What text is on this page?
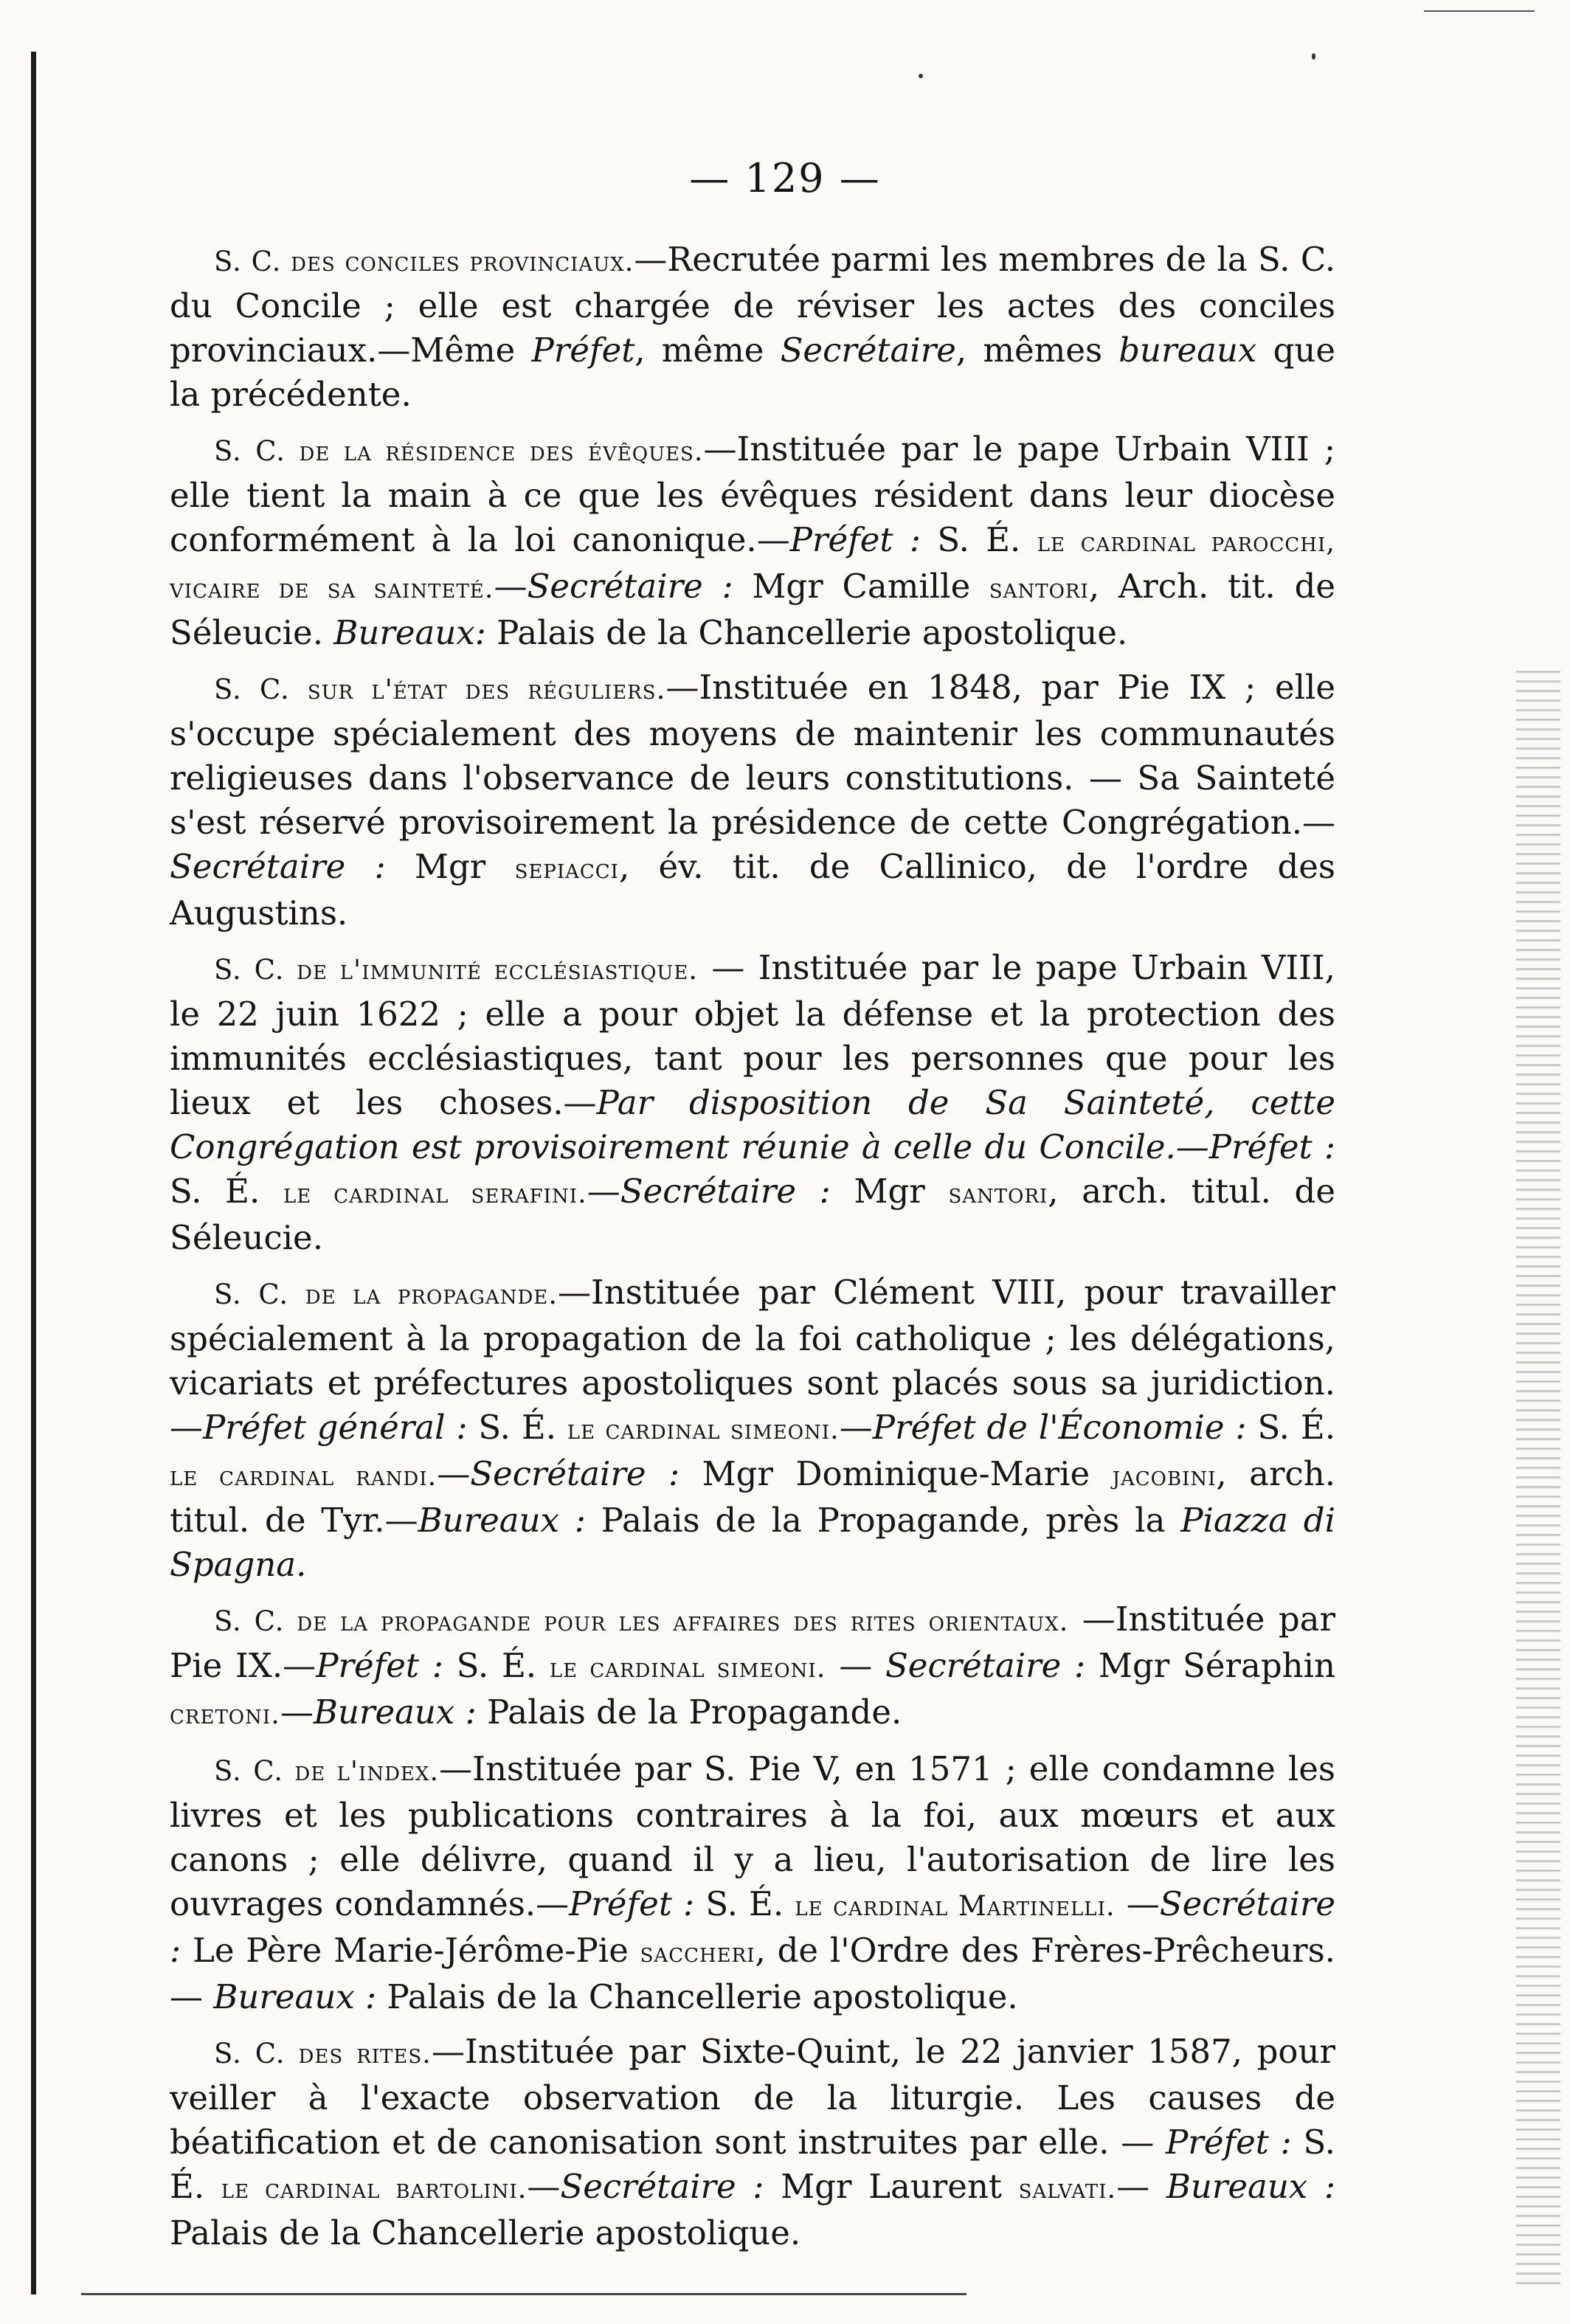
— 129 —

S. C. des conciles provinciaux.—Recrutée parmi les membres de la S. C. du Concile ; elle est chargée de réviser les actes des conciles provinciaux.—Même Préfet, même Secrétaire, mêmes bureaux que la précédente.

S. C. de la résidence des évêques.—Instituée par le pape Urbain VIII ; elle tient la main à ce que les évêques résident dans leur diocèse conformément à la loi canonique.—Préfet : S. É. le cardinal parocchi, vicaire de sa sainteté.—Secrétaire : Mgr Camille santori, Arch. tit. de Séleucie. Bureaux: Palais de la Chancellerie apostolique.

S. C. sur l'état des réguliers.—Instituée en 1848, par Pie IX ; elle s'occupe spécialement des moyens de maintenir les communautés religieuses dans l'observance de leurs constitutions. — Sa Sainteté s'est réservé provisoirement la présidence de cette Congrégation.—Secrétaire : Mgr sepiacci, év. tit. de Callinico, de l'ordre des Augustins.

S. C. de l'immunité ecclésiastique. — Instituée par le pape Urbain VIII, le 22 juin 1622 ; elle a pour objet la défense et la protection des immunités ecclésiastiques, tant pour les personnes que pour les lieux et les choses.—Par disposition de Sa Sainteté, cette Congrégation est provisoirement réunie à celle du Concile.—Préfet : S. É. le cardinal serafini.—Secrétaire : Mgr santori, arch. titul. de Séleucie.

S. C. de la propagande.—Instituée par Clément VIII, pour travailler spécialement à la propagation de la foi catholique ; les délégations, vicariats et préfectures apostoliques sont placés sous sa juridiction.—Préfet général : S. É. le cardinal simeoni.—Préfet de l'Économie : S. É. le cardinal randi.—Secrétaire : Mgr Dominique-Marie jacobini, arch. titul. de Tyr.—Bureaux : Palais de la Propagande, près la Piazza di Spagna.

S. C. de la propagande pour les affaires des rites orientaux. —Instituée par Pie IX.—Préfet : S. É. le cardinal simeoni. — Secrétaire : Mgr Séraphin cretoni.—Bureaux : Palais de la Propagande.

S. C. de l'index.—Instituée par S. Pie V, en 1571 ; elle condamne les livres et les publications contraires à la foi, aux mœurs et aux canons ; elle délivre, quand il y a lieu, l'autorisation de lire les ouvrages condamnés.—Préfet : S. É. le cardinal Martinelli. —Secrétaire : Le Père Marie-Jérôme-Pie saccheri, de l'Ordre des Frères-Prêcheurs. — Bureaux : Palais de la Chancellerie apostolique.

S. C. des rites.—Instituée par Sixte-Quint, le 22 janvier 1587, pour veiller à l'exacte observation de la liturgie. Les causes de béatification et de canonisation sont instruites par elle. — Préfet : S. É. le cardinal bartolini.—Secrétaire : Mgr Laurent salvati.— Bureaux : Palais de la Chancellerie apostolique.
